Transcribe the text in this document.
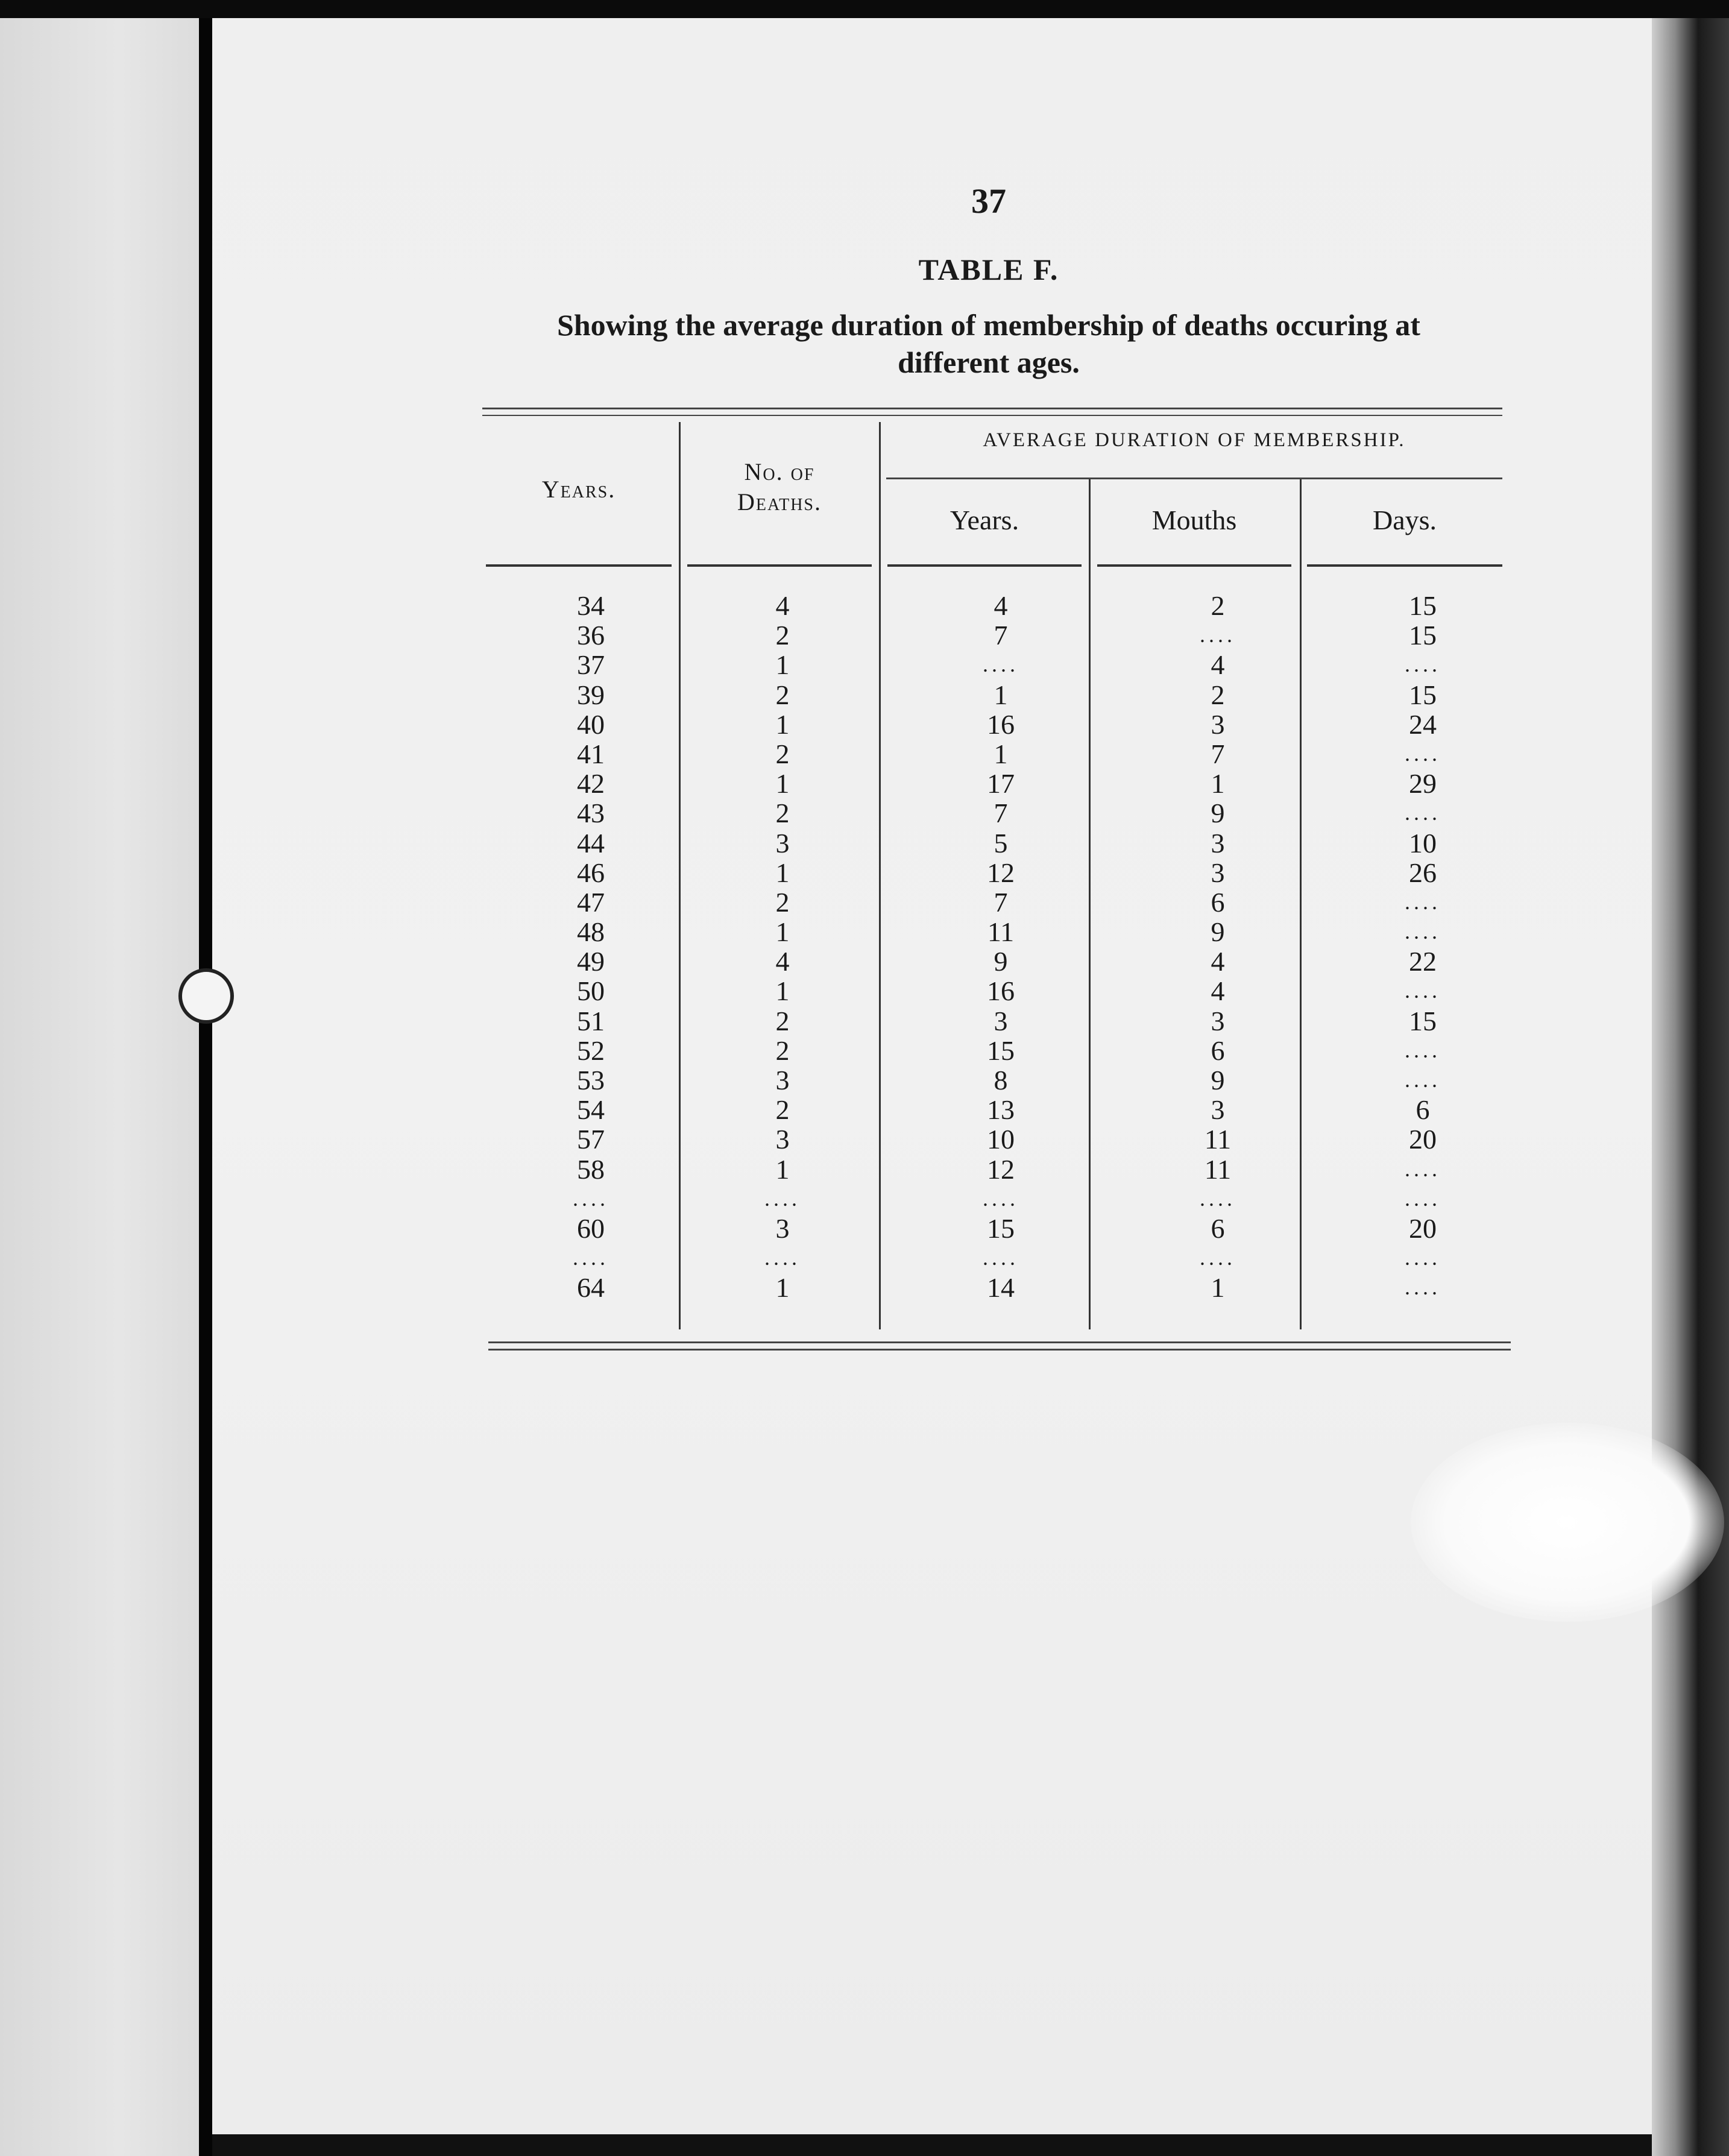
37
TABLE F.
Showing the average duration of membership of deaths occuring at
different ages.
Years.
No. of
Deaths.
AVERAGE DURATION OF MEMBERSHIP.
Years.	Mouths	Days.
34
36
37
39
40
41
42
43
44
46
47
48
49
50
51
52
53
54
57
58
....
60
....
64
4
2
1
2
1
2
1
2
3
1
2
1
4
1
2
2
3
2
3
1
....
3
....
1
4
7
....
1
16
1
17
7
5
12
7
11
9
16
3
15
8
13
10
12
....
15
....
14
2
....
4
2
3
7
1
9
3
3
6
9
4
4
3
6
9
3
11
11
....
6
....
1
15
15
....
15
24
....
29
....
10
26
....
....
22
....
15
....
....
6
20
....
....
20
....
....
